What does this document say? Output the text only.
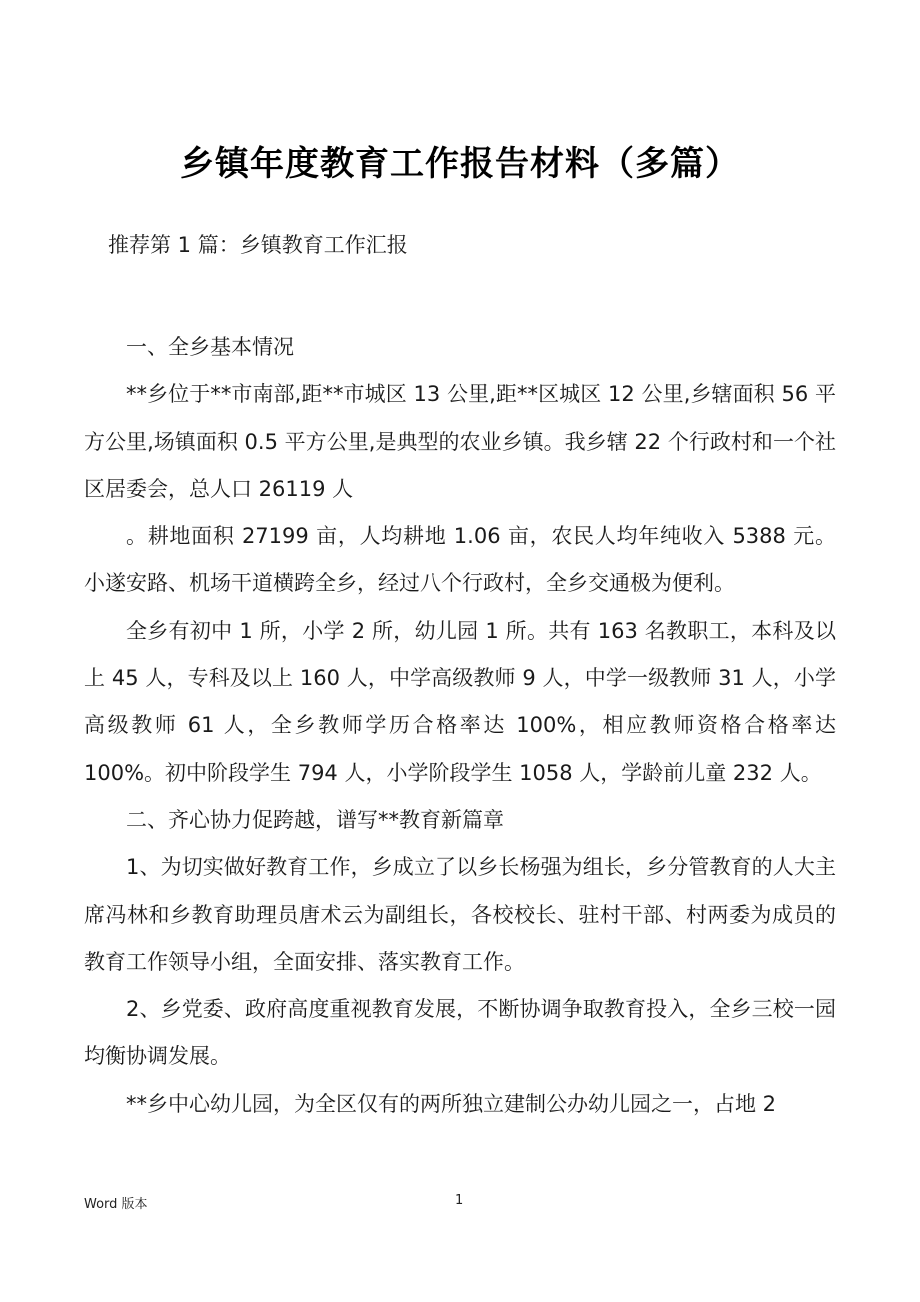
乡镇年度教育工作报告材料（多篇）
推荐第 1 篇：乡镇教育工作汇报

一、全乡基本情况

**乡位于**市南部,距**市城区 13 公里,距**区城区 12 公里,乡辖面积 56 平方公里,场镇面积 0.5 平方公里,是典型的农业乡镇。我乡辖 22 个行政村和一个社区居委会，总人口 26119 人

。耕地面积 27199 亩，人均耕地 1.06 亩，农民人均年纯收入 5388 元。小遂安路、机场干道横跨全乡，经过八个行政村，全乡交通极为便利。

全乡有初中 1 所，小学 2 所，幼儿园 1 所。共有 163 名教职工，本科及以上 45 人，专科及以上 160 人，中学高级教师 9 人，中学一级教师 31 人，小学高级教师 61 人，全乡教师学历合格率达 100%，相应教师资格合格率达 100%。初中阶段学生 794 人，小学阶段学生 1058 人，学龄前儿童 232 人。

二、齐心协力促跨越，谱写**教育新篇章

1、为切实做好教育工作，乡成立了以乡长杨强为组长，乡分管教育的人大主席冯林和乡教育助理员唐术云为副组长，各校校长、驻村干部、村两委为成员的教育工作领导小组，全面安排、落实教育工作。

2、乡党委、政府高度重视教育发展，不断协调争取教育投入，全乡三校一园均衡协调发展。

**乡中心幼儿园，为全区仅有的两所独立建制公办幼儿园之一，占地 2

Word 版本	1
